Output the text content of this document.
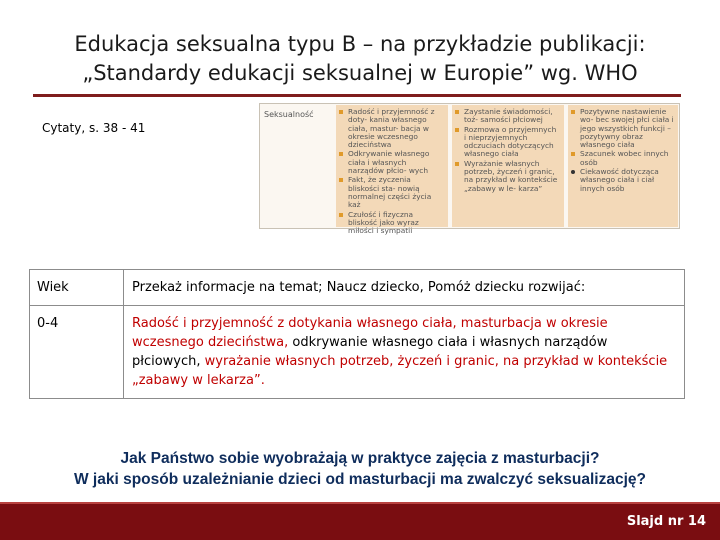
Edukacja seksualna typu B – na przykładzie publikacji:
„Standardy edukacji seksualnej w Europie” wg. WHO
Cytaty, s. 38 - 41
Seksualność	Radość i przyjemność z doty- kania własnego ciała, mastur- bacja w okresie wczesnego dzieciństwa

Odkrywanie własnego ciała i własnych narządów płcio- wych

Fakt, że zyczenia bliskości sta- nowią normalnej części życia każ

Czułość i fizyczna bliskość jako wyraz miłości i sympatii

Zaystanie świadomości, toż- samości płciowej

Rozmowa o przyjemnych i nieprzyjemnych odczuciach dotyczących własnego ciała

Wyrażanie własnych potrzeb, życzeń i granic, na przykład w kontekście „zabawy w le- karza”

Pozytywne nastawienie wo- bec swojej płci ciała i jego wszystkich funkcji – pozytywny obraz własnego ciała

Szacunek wobec innych osób

Ciekawość dotycząca własnego ciała i ciał innych osób

Wiek	Przekaż informacje na temat; Naucz dziecko, Pomóż dziecku rozwijać:
0-4	Radość i przyjemność z dotykania własnego ciała, masturbacja w okresie wczesnego dzieciństwa, odkrywanie własnego ciała i własnych narządów płciowych, wyrażanie własnych potrzeb, życzeń i granic, na przykład w kontekście „zabawy w lekarza”.
Jak Państwo sobie wyobrażają w praktyce zajęcia z masturbacji?
W jaki sposób uzależnianie dzieci od masturbacji ma zwalczyć seksualizację?
Slajd nr 14
